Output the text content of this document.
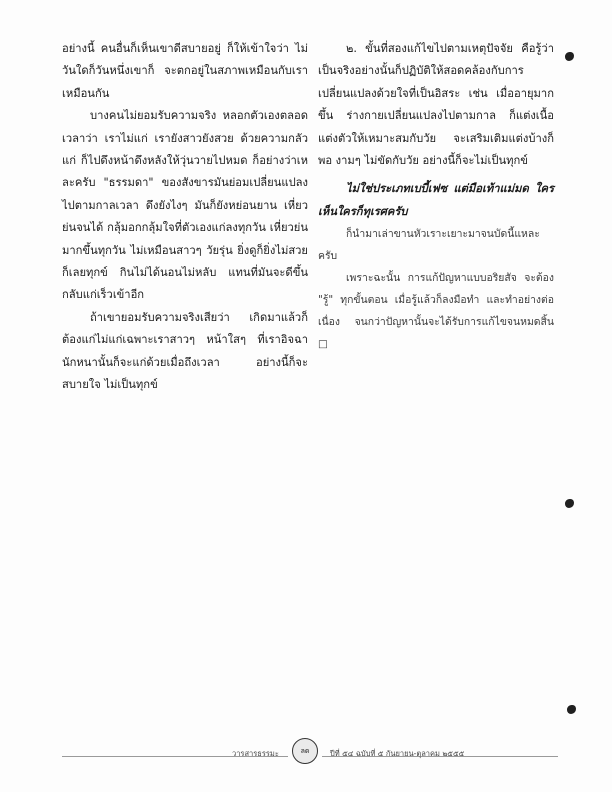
อย่างนี้ คนอื่นก็เห็นเขาดีสบายอยู่ ก็ให้เข้าใจว่า ไม่วันใดก็วันหนึ่งเขาก็ จะตกอยู่ในสภาพเหมือนกับเราเหมือนกัน

บางคนไม่ยอมรับความจริง หลอกตัวเองตลอดเวลาว่า เราไม่แก่ เรายังสาวยังสวย ด้วยความกลัวแก่ ก็ไปดึงหน้าดึงหลังให้วุ่นวายไปหมด ก็อย่างว่าเหละครับ "ธรรมดา" ของสังขารมันย่อมเปลี่ยนแปลงไปตามกาลเวลา ดึงยังไงๆ มันก็ยังหย่อนยาน เหี่ยวย่นจนได้ กลุ้มอกกลุ้มใจที่ตัวเองแก่ลงทุกวัน เหี่ยวย่นมากขึ้นทุกวัน ไม่เหมือนสาวๆ วัยรุ่น ยิ่งดูก็ยิ่งไม่สวย ก็เลยทุกข์ กินไม่ได้นอนไม่หลับ แทนที่มันจะดีขึ้น กลับแก่เร็วเข้าอีก

ถ้าเขายอมรับความจริงเสียว่า เกิดมาแล้วก็ต้องแก่ไม่แก่เฉพาะเราสาวๆ หน้าใสๆ ที่เราอิจฉานักหนานั้นก็จะแก่ด้วยเมื่อถึงเวลา อย่างนี้ก็จะสบายใจ ไม่เป็นทุกข์

๒. ขั้นที่สองแก้ไขไปตามเหตุปัจจัย คือรู้ว่าเป็นจริงอย่างนั้นก็ปฏิบัติให้สอดคล้องกับการเปลี่ยนแปลงด้วยใจที่เป็นอิสระ เช่น เมื่ออายุมากขึ้น ร่างกายเปลี่ยนแปลงไปตามกาล ก็แต่งเนื้อแต่งตัวให้เหมาะสมกับวัย จะเสริมเติมแต่งบ้างก็พอ งามๆ ไม่ขัดกับวัย อย่างนี้ก็จะไม่เป็นทุกข์

ไม่ใช่ประเภทเบบี้เฟซ แต่มือเท้าแม่มด ใครเห็นใครก็ทุเรศครับ

ก็นำมาเล่าขานหัวเราะเยาะมาจนบัดนี้แหละครับ

เพราะฉะนั้น การแก้ปัญหาแบบอริยสัจ จะต้อง "รู้" ทุกขั้นตอน เมื่อรู้แล้วก็ลงมือทำ และทำอย่างต่อเนื่อง จนกว่าปัญหานั้นจะได้รับการแก้ไขจนหมดสิ้น □

วารสารธรรมะ	ลด	ปีที่ ๕๔ ฉบับที่ ๕ กันยายน-ตุลาคม ๒๕๕๕
